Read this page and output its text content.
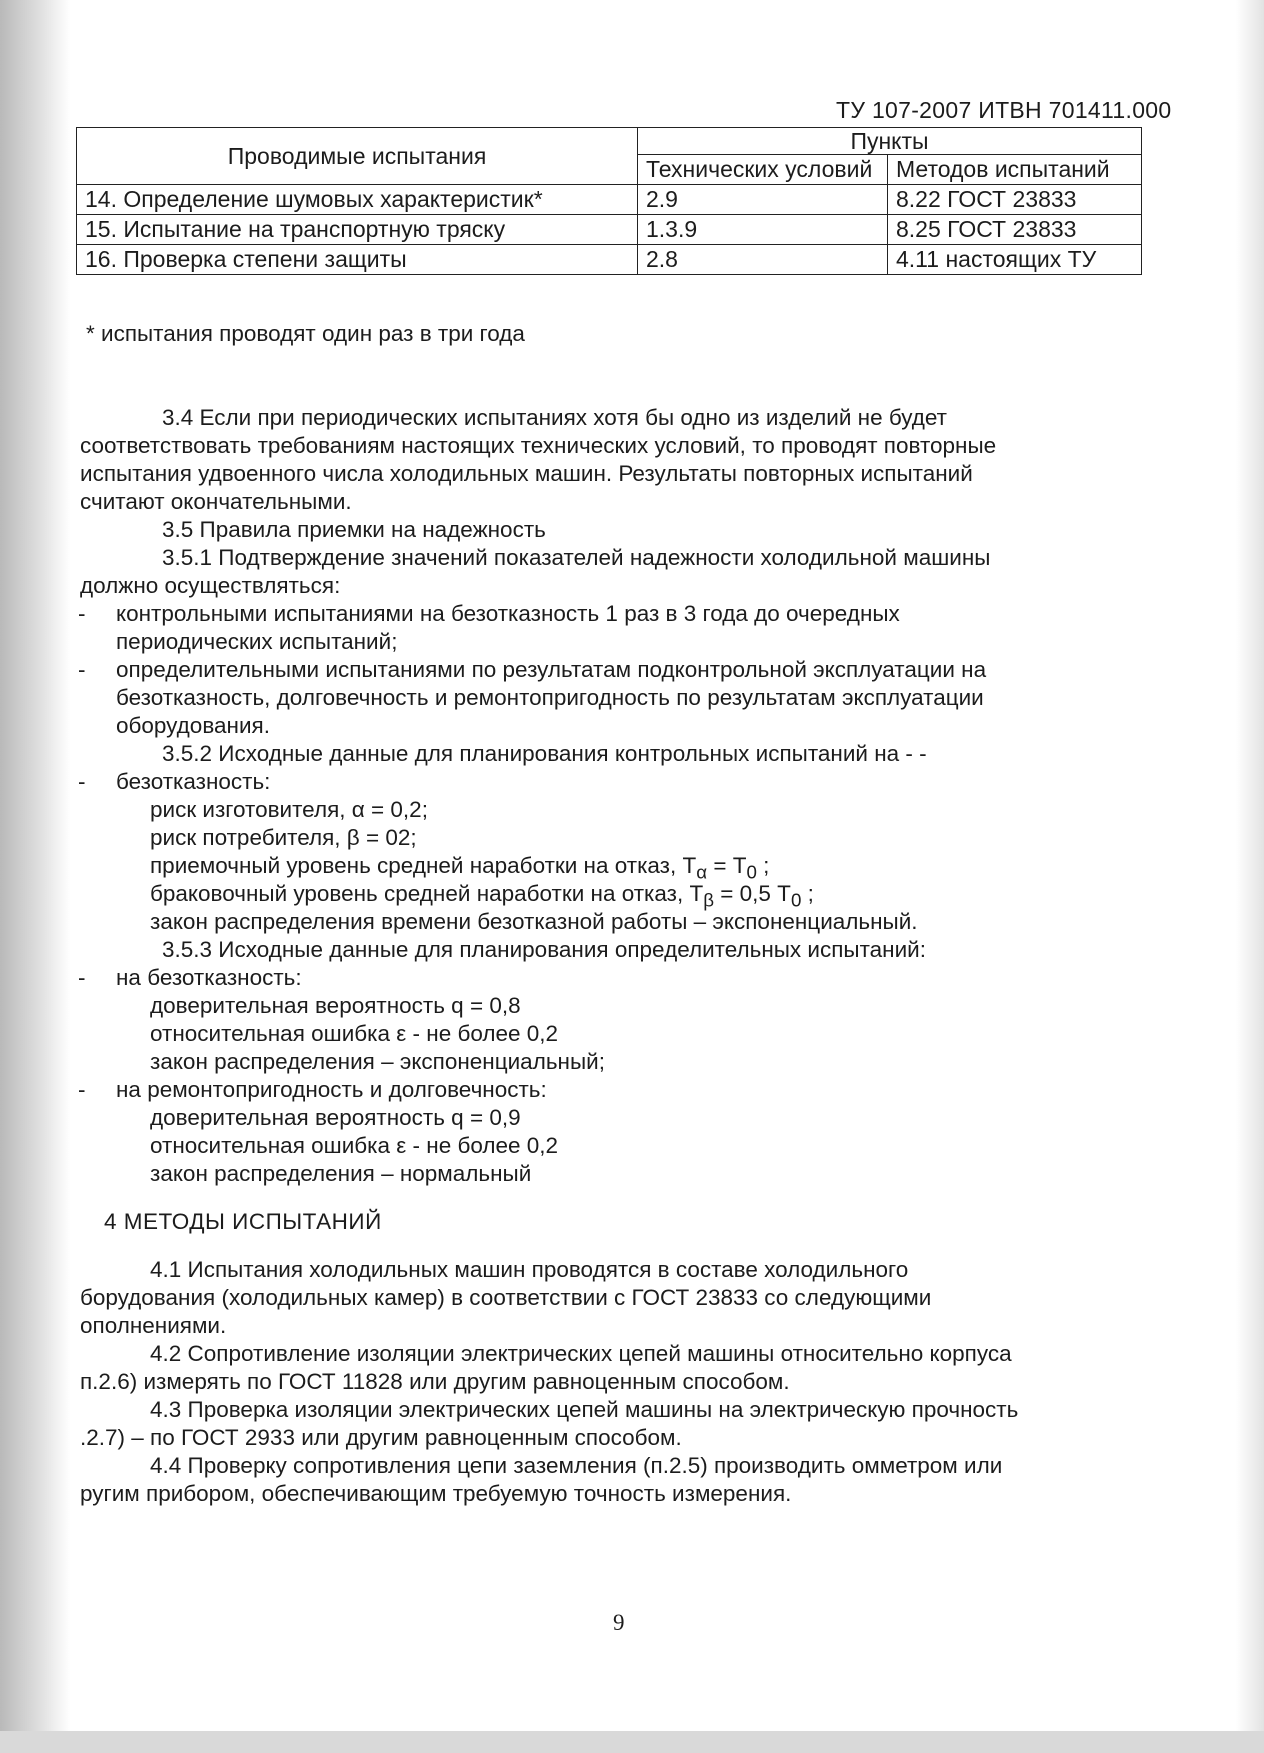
ТУ 107-2007 ИТВН 701411.000
Проводимые испытания	Пункты	
	Технических условий	Методов испытаний
14. Определение шумовых характеристик*	2.9	8.22 ГОСТ 23833
15. Испытание на транспортную тряску	1.3.9	8.25 ГОСТ 23833
16. Проверка степени защиты	2.8	4.11 настоящих ТУ
* испытания проводят один раз в три года
3.4 Если при периодических испытаниях хотя бы одно из изделий не будет
соответствовать требованиям настоящих технических условий, то проводят повторные
испытания удвоенного числа холодильных машин. Результаты повторных испытаний
считают окончательными.
3.5 Правила приемки на надежность
3.5.1 Подтверждение значений показателей надежности холодильной машины
должно осуществляться:
- контрольными испытаниями на безотказность 1 раз в 3 года до очередных
периодических испытаний;
- определительными испытаниями по результатам подконтрольной эксплуатации на
безотказность, долговечность и ремонтопригодность по результатам эксплуатации
оборудования.
3.5.2 Исходные данные для планирования контрольных испытаний на - -
- безотказность:
риск изготовителя, α = 0,2;
риск потребителя, β = 02;
приемочный уровень средней наработки на отказ, $T_\alpha = T_0$ ;
браковочный уровень средней наработки на отказ, $T_\beta = 0,5$ $T_0$ ;
закон распределения времени безотказной работы – экспоненциальный.
3.5.3 Исходные данные для планирования определительных испытаний:
- на безотказность:
доверительная вероятность q = 0,8
относительная ошибка ε - не более 0,2
закон распределения – экспоненциальный;
- на ремонтопригодность и долговечность:
доверительная вероятность q = 0,9
относительная ошибка ε - не более 0,2
закон распределения – нормальный
4 МЕТОДЫ ИСПЫТАНИЙ
4.1 Испытания холодильных машин проводятся в составе холодильного
борудования (холодильных камер) в соответствии с ГОСТ 23833 со следующими
ополнениями.
4.2 Сопротивление изоляции электрических цепей машины относительно корпуса
п.2.6) измерять по ГОСТ 11828 или другим равноценным способом.
4.3 Проверка изоляции электрических цепей машины на электрическую прочность
.2.7) – по ГОСТ 2933 или другим равноценным способом.
4.4 Проверку сопротивления цепи заземления (п.2.5) производить омметром или
ругим прибором, обеспечивающим требуемую точность измерения.
9
